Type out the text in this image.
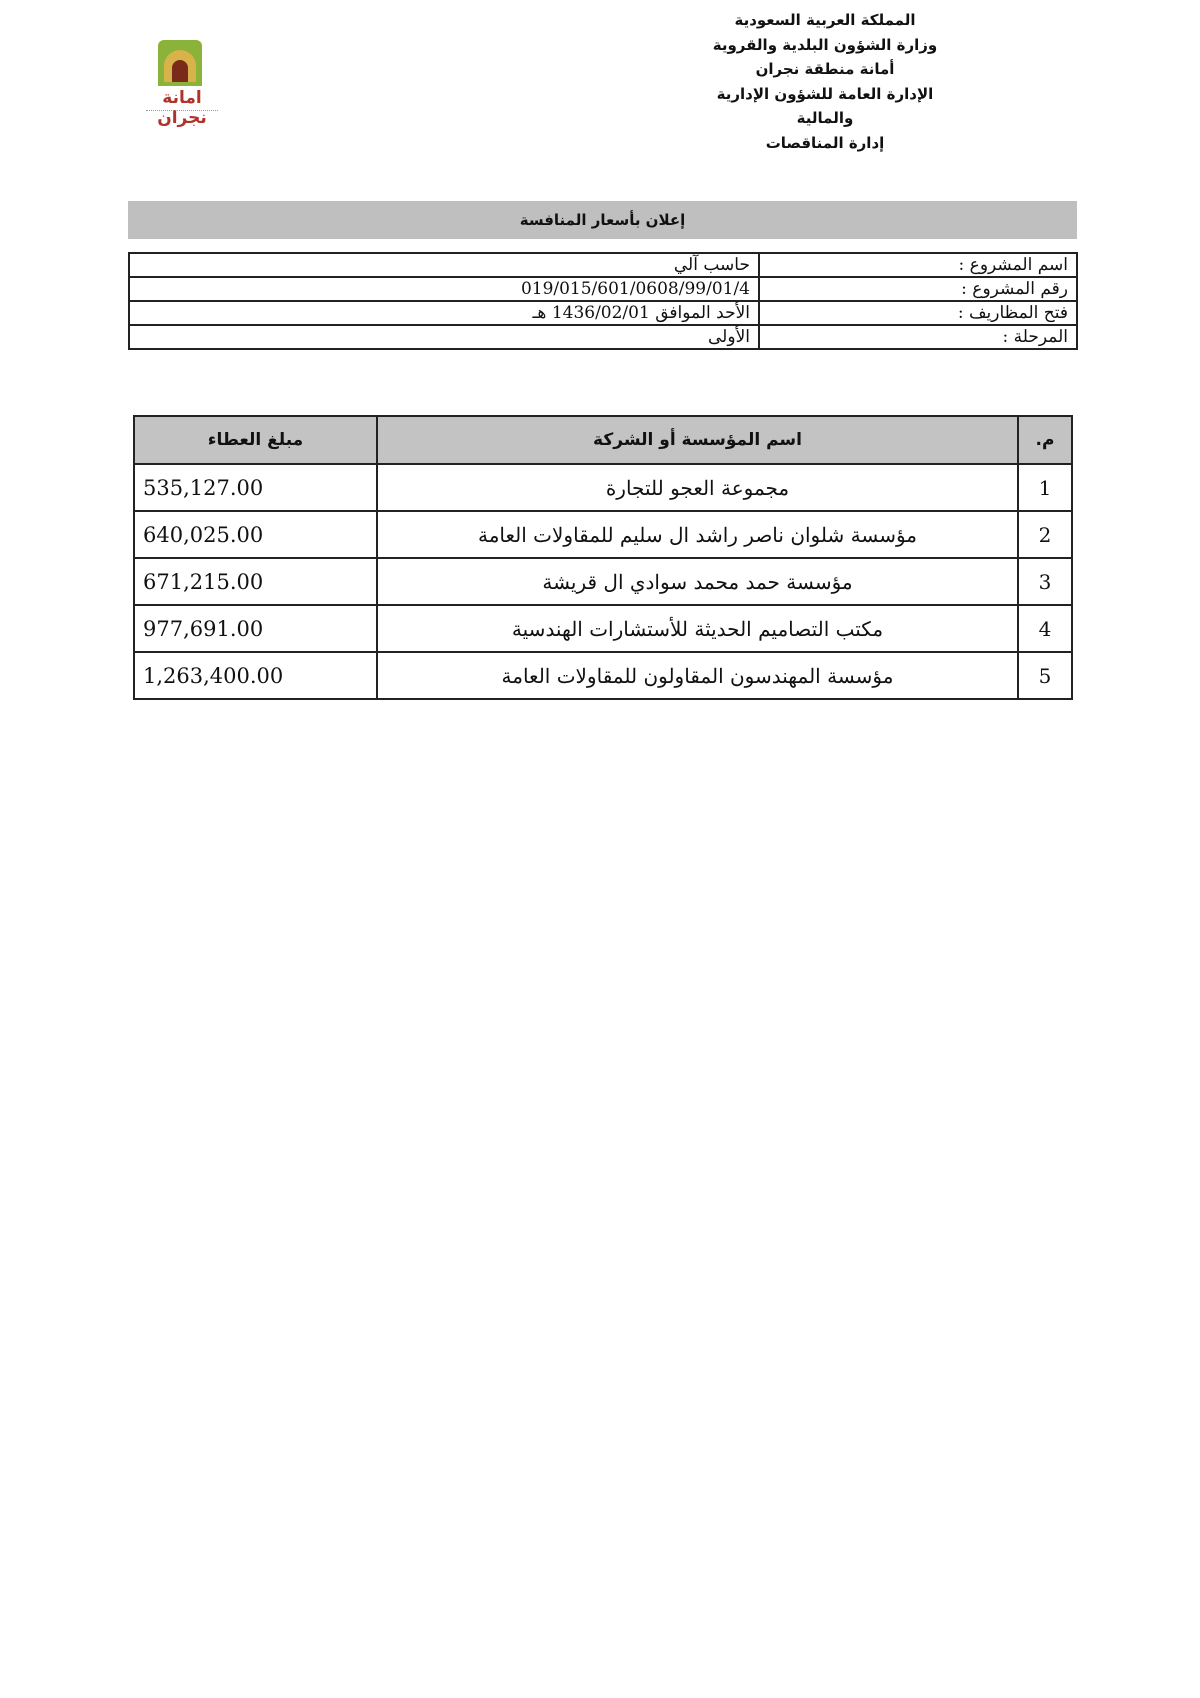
المملكة العربية السعودية
وزارة الشؤون البلدية والقروية
أمانة منطقة نجران
الإدارة العامة للشؤون الإدارية
والمالية
إدارة المناقصات
امانة نجران
إعلان بأسعار المنافسة
اسم المشروع :	حاسب آلي
رقم المشروع :	019/015/601/0608/99/01/4
فتح المظاريف :	الأحد الموافق 1436/02/01 هـ
المرحلة :	الأولى
م.	اسم المؤسسة أو الشركة	مبلغ العطاء
1	مجموعة العجو للتجارة	535,127.00
2	مؤسسة شلوان ناصر راشد ال سليم للمقاولات العامة	640,025.00
3	مؤسسة حمد محمد سوادي ال قريشة	671,215.00
4	مكتب التصاميم الحديثة للأستشارات الهندسية	977,691.00
5	مؤسسة المهندسون المقاولون للمقاولات العامة	1,263,400.00
